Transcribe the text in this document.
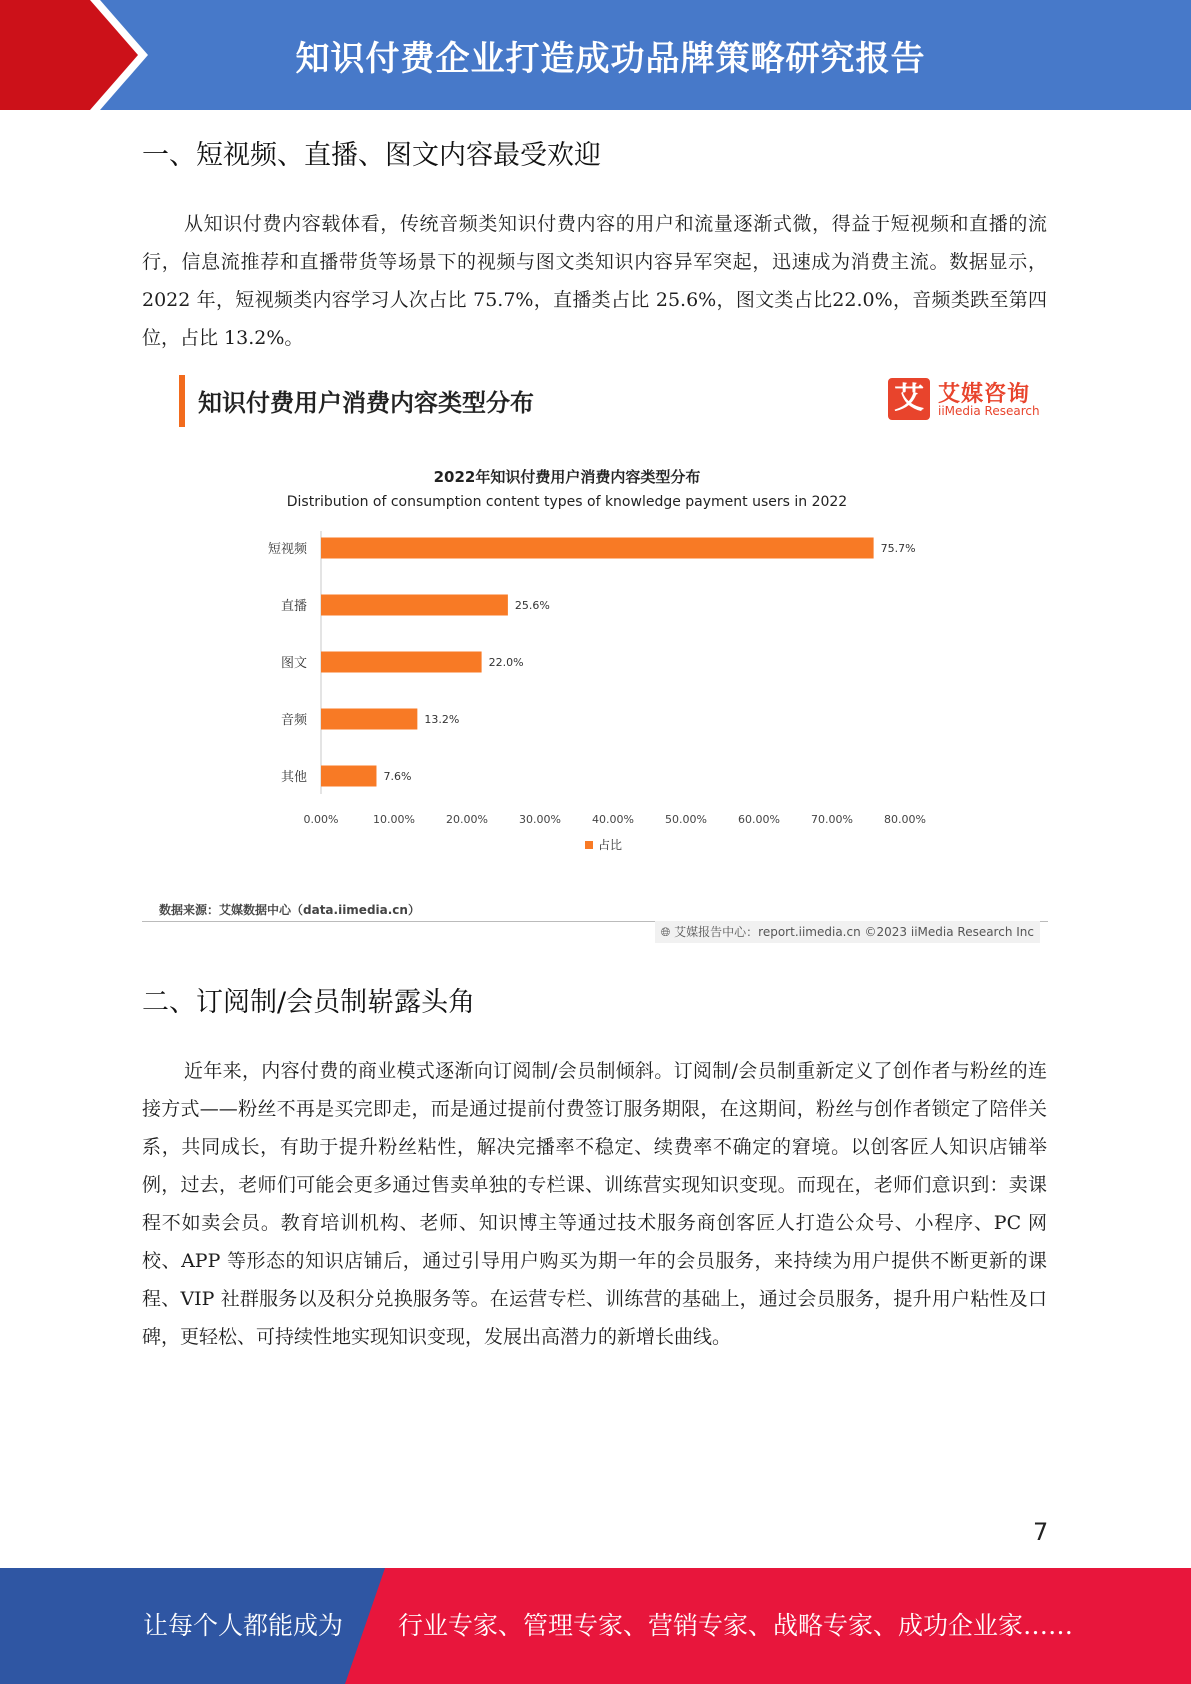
知识付费企业打造成功品牌策略研究报告
一、短视频、直播、图文内容最受欢迎
从知识付费内容载体看，传统音频类知识付费内容的用户和流量逐渐式微，得益于短视频和直播的流行，信息流推荐和直播带货等场景下的视频与图文类知识内容异军突起，迅速成为消费主流。数据显示，2022 年，短视频类内容学习人次占比 75.7%，直播类占比 25.6%，图文类占比22.0%，音频类跌至第四位，占比 13.2%。
知识付费用户消费内容类型分布	艾 艾媒咨询
iiMedia Research
2022年知识付费用户消费内容类型分布
Distribution of consumption content types of knowledge payment users in 2022
短视频	75.7%
直播	25.6%
图文	22.0%
音频	13.2%
其他	7.6%
0.00%	10.00%	20.00%	30.00%	40.00%	50.00%	60.00%	70.00%	80.00%
占比
数据来源：艾媒数据中心（data.iimedia.cn）
🌐︎ 艾媒报告中心：report.iimedia.cn ©2023 iiMedia Research Inc
二、订阅制/会员制崭露头角
近年来，内容付费的商业模式逐渐向订阅制/会员制倾斜。订阅制/会员制重新定义了创作者与粉丝的连接方式——粉丝不再是买完即走，而是通过提前付费签订服务期限，在这期间，粉丝与创作者锁定了陪伴关系，共同成长，有助于提升粉丝粘性，解决完播率不稳定、续费率不确定的窘境。以创客匠人知识店铺举例，过去，老师们可能会更多通过售卖单独的专栏课、训练营实现知识变现。而现在，老师们意识到：卖课程不如卖会员。教育培训机构、老师、知识博主等通过技术服务商创客匠人打造公众号、小程序、PC 网校、APP 等形态的知识店铺后，通过引导用户购买为期一年的会员服务，来持续为用户提供不断更新的课程、VIP 社群服务以及积分兑换服务等。在运营专栏、训练营的基础上，通过会员服务，提升用户粘性及口碑，更轻松、可持续性地实现知识变现，发展出高潜力的新增长曲线。
7
让每个人都能成为 行业专家、管理专家、营销专家、战略专家、成功企业家……
